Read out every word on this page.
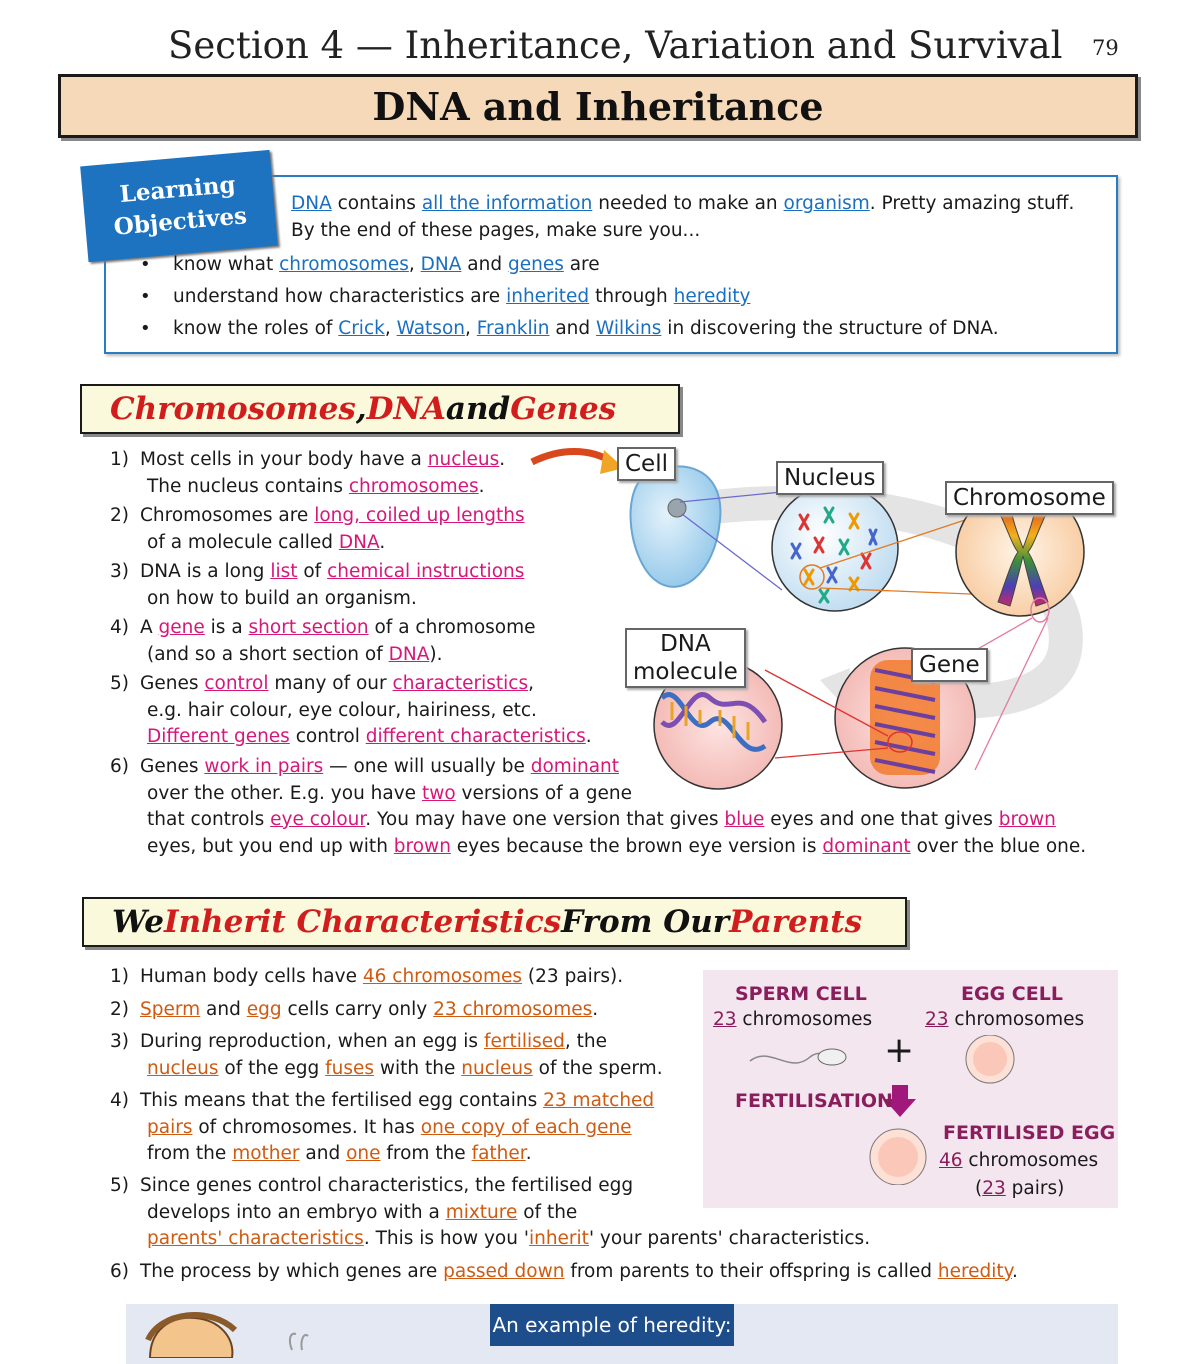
Section 4 — Inheritance, Variation and Survival 79
DNA and Inheritance
Learning
Objectives DNA contains all the information needed to make an organism. Pretty amazing stuff.
By the end of these pages, make sure you...
• know what chromosomes, DNA and genes are
• understand how characteristics are inherited through heredity
• know the roles of Crick, Watson, Franklin and Wilkins in discovering the structure of DNA.
Chromosomes , DNA and Genes
1) Most cells in your body have a nucleus.
The nucleus contains chromosomes.
2) Chromosomes are long, coiled up lengths
of a molecule called DNA.
3) DNA is a long list of chemical instructions
on how to build an organism.
4) A gene is a short section of a chromosome
(and so a short section of DNA).
5) Genes control many of our characteristics,
e.g. hair colour, eye colour, hairiness, etc.
Different genes control different characteristics.
6) Genes work in pairs — one will usually be dominant
over the other. E.g. you have two versions of a gene
that controls eye colour. You may have one version that gives blue eyes and one that gives brown
eyes, but you end up with brown eyes because the brown eye version is dominant over the blue one.
Cell
Nucleus
Chromosome
DNA
molecule	Gene
We Inherit Characteristics From Our Parents
1) Human body cells have 46 chromosomes (23 pairs).
2) Sperm and egg cells carry only 23 chromosomes.
3) During reproduction, when an egg is fertilised, the
nucleus of the egg fuses with the nucleus of the sperm.
4) This means that the fertilised egg contains 23 matched
pairs of chromosomes. It has one copy of each gene
from the mother and one from the father.
5) Since genes control characteristics, the fertilised egg
develops into an embryo with a mixture of the
parents' characteristics. This is how you 'inherit' your parents' characteristics.
6) The process by which genes are passed down from parents to their offspring is called heredity.
SPERM CELL
23 chromosomes
EGG CELL
23 chromosomes
+
FERTILISATION
FERTILISED EGG
46 chromosomes
(23 pairs)
An example of heredity:
